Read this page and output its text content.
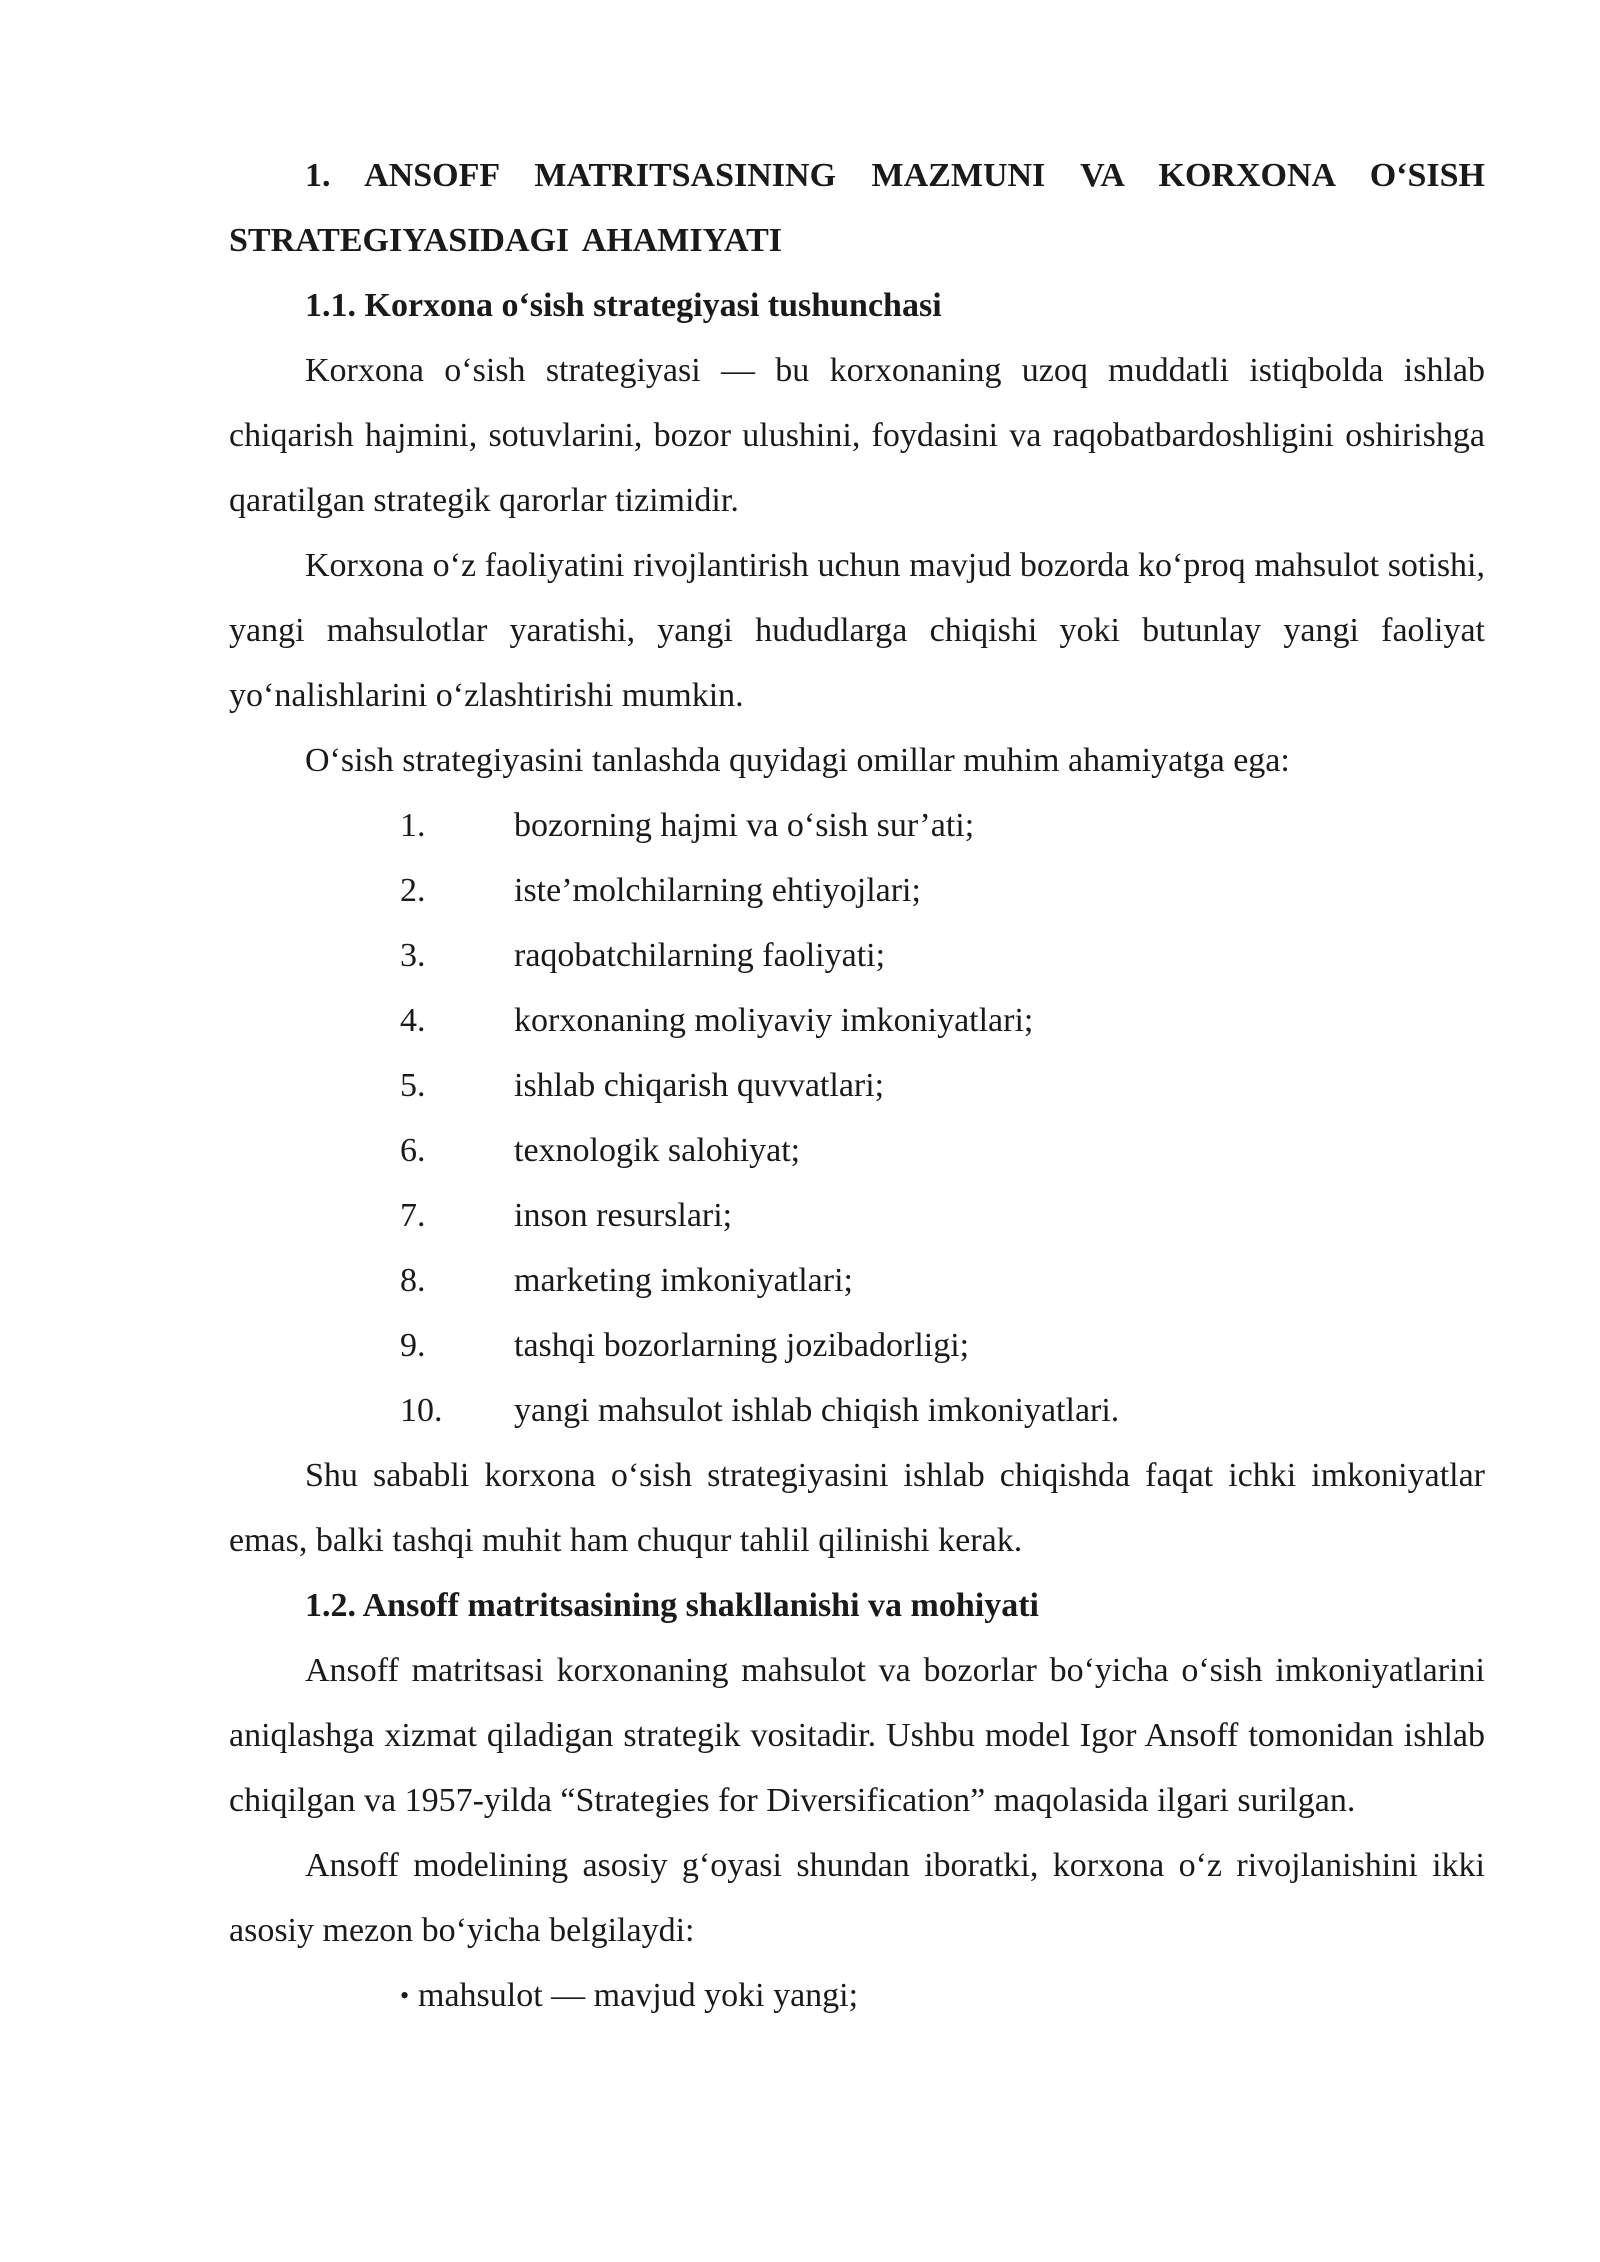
1. ANSOFF MATRITSASINING MAZMUNI VA KORXONA O‘SISH STRATEGIYASIDAGI AHAMIYATI
1.1. Korxona o‘sish strategiyasi tushunchasi

Korxona o‘sish strategiyasi — bu korxonaning uzoq muddatli istiqbolda ishlab chiqarish hajmini, sotuvlarini, bozor ulushini, foydasini va raqobatbardoshligini oshirishga qaratilgan strategik qarorlar tizimidir.

Korxona o‘z faoliyatini rivojlantirish uchun mavjud bozorda ko‘proq mahsulot sotishi, yangi mahsulotlar yaratishi, yangi hududlarga chiqishi yoki butunlay yangi faoliyat yo‘nalishlarini o‘zlashtirishi mumkin.

O‘sish strategiyasini tanlashda quyidagi omillar muhim ahamiyatga ega:

1.	bozorning hajmi va o‘sish sur’ati;
2.	iste’molchilarning ehtiyojlari;
3.	raqobatchilarning faoliyati;
4.	korxonaning moliyaviy imkoniyatlari;
5.	ishlab chiqarish quvvatlari;
6.	texnologik salohiyat;
7.	inson resurslari;
8.	marketing imkoniyatlari;
9.	tashqi bozorlarning jozibadorligi;
10. yangi mahsulot ishlab chiqish imkoniyatlari.

Shu sababli korxona o‘sish strategiyasini ishlab chiqishda faqat ichki imkoniyatlar emas, balki tashqi muhit ham chuqur tahlil qilinishi kerak.

1.2. Ansoff matritsasining shakllanishi va mohiyati

Ansoff matritsasi korxonaning mahsulot va bozorlar bo‘yicha o‘sish imkoniyatlarini aniqlashga xizmat qiladigan strategik vositadir. Ushbu model Igor Ansoff tomonidan ishlab chiqilgan va 1957-yilda “Strategies for Diversification” maqolasida ilgari surilgan.

Ansoff modelining asosiy g‘oyasi shundan iboratki, korxona o‘z rivojlanishini ikki asosiy mezon bo‘yicha belgilaydi:

• mahsulot — mavjud yoki yangi;
